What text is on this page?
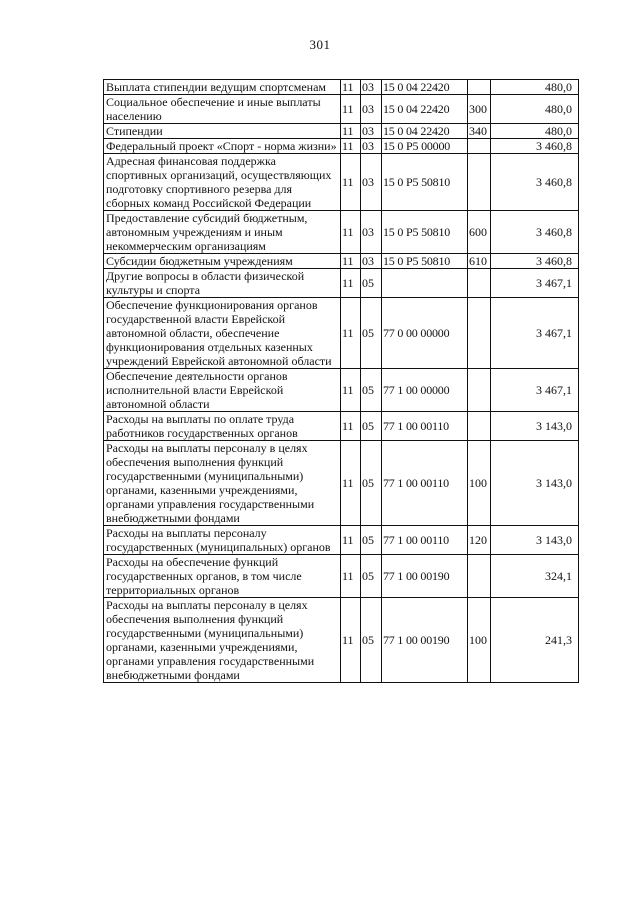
301
Выплата стипендии ведущим спортсменам	11	03	15 0 04 22420		480,0
Социальное обеспечение и иные выплаты населению	11	03	15 0 04 22420	300	480,0
Стипендии	11	03	15 0 04 22420	340	480,0
Федеральный проект «Спорт - норма жизни»	11	03	15 0 P5 00000		3 460,8
Адресная финансовая поддержка спортивных организаций, осуществляющих подготовку спортивного резерва для сборных команд Российской Федерации	11	03	15 0 P5 50810		3 460,8
Предоставление субсидий бюджетным, автономным учреждениям и иным некоммерческим организациям	11	03	15 0 P5 50810	600	3 460,8
Субсидии бюджетным учреждениям	11	03	15 0 P5 50810	610	3 460,8
Другие вопросы в области физической культуры и спорта	11	05			3 467,1
Обеспечение функционирования органов государственной власти Еврейской автономной области, обеспечение функционирования отдельных казенных учреждений Еврейской автономной области	11	05	77 0 00 00000		3 467,1
Обеспечение деятельности органов исполнительной власти Еврейской автономной области	11	05	77 1 00 00000		3 467,1
Расходы на выплаты по оплате труда работников государственных органов	11	05	77 1 00 00110		3 143,0
Расходы на выплаты персоналу в целях обеспечения выполнения функций государственными (муниципальными) органами, казенными учреждениями, органами управления государственными внебюджетными фондами	11	05	77 1 00 00110	100	3 143,0
Расходы на выплаты персоналу государственных (муниципальных) органов	11	05	77 1 00 00110	120	3 143,0
Расходы на обеспечение функций государственных органов, в том числе территориальных органов	11	05	77 1 00 00190		324,1
Расходы на выплаты персоналу в целях обеспечения выполнения функций государственными (муниципальными) органами, казенными учреждениями, органами управления государственными внебюджетными фондами	11	05	77 1 00 00190	100	241,3
